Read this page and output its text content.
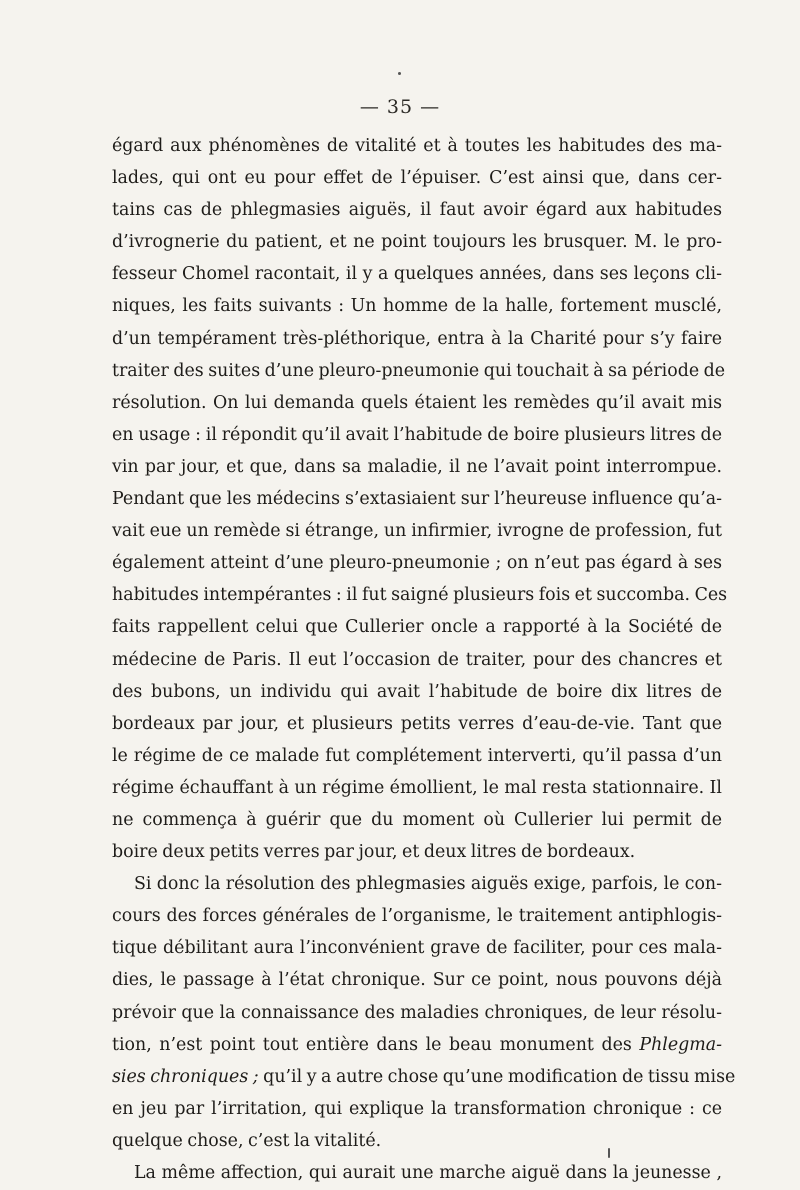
— 35 —
égard aux phénomènes de vitalité et à toutes les habitudes des ma-
lades, qui ont eu pour effet de l’épuiser. C’est ainsi que, dans cer-
tains cas de phlegmasies aiguës, il faut avoir égard aux habitudes
d’ivrognerie du patient, et ne point toujours les brusquer. M. le pro-
fesseur Chomel racontait, il y a quelques années, dans ses leçons cli-
niques, les faits suivants : Un homme de la halle, fortement musclé,
d’un tempérament très-pléthorique, entra à la Charité pour s’y faire
traiter des suites d’une pleuro-pneumonie qui touchait à sa période de
résolution. On lui demanda quels étaient les remèdes qu’il avait mis
en usage : il répondit qu’il avait l’habitude de boire plusieurs litres de
vin par jour, et que, dans sa maladie, il ne l’avait point interrompue.
Pendant que les médecins s’extasiaient sur l’heureuse influence qu’a-
vait eue un remède si étrange, un infirmier, ivrogne de profession, fut
également atteint d’une pleuro-pneumonie ; on n’eut pas égard à ses
habitudes intempérantes : il fut saigné plusieurs fois et succomba. Ces
faits rappellent celui que Cullerier oncle a rapporté à la Société de
médecine de Paris. Il eut l’occasion de traiter, pour des chancres et
des bubons, un individu qui avait l’habitude de boire dix litres de
bordeaux par jour, et plusieurs petits verres d’eau-de-vie. Tant que
le régime de ce malade fut complétement interverti, qu’il passa d’un
régime échauffant à un régime émollient, le mal resta stationnaire. Il
ne commença à guérir que du moment où Cullerier lui permit de
boire deux petits verres par jour, et deux litres de bordeaux.
Si donc la résolution des phlegmasies aiguës exige, parfois, le con-
cours des forces générales de l’organisme, le traitement antiphlogis-
tique débilitant aura l’inconvénient grave de faciliter, pour ces mala-
dies, le passage à l’état chronique. Sur ce point, nous pouvons déjà
prévoir que la connaissance des maladies chroniques, de leur résolu-
tion, n’est point tout entière dans le beau monument des Phlegma-
sies chroniques ; qu’il y a autre chose qu’une modification de tissu mise
en jeu par l’irritation, qui explique la transformation chronique : ce
quelque chose, c’est la vitalité.
La même affection, qui aurait une marche aiguë dans la jeunesse ,
